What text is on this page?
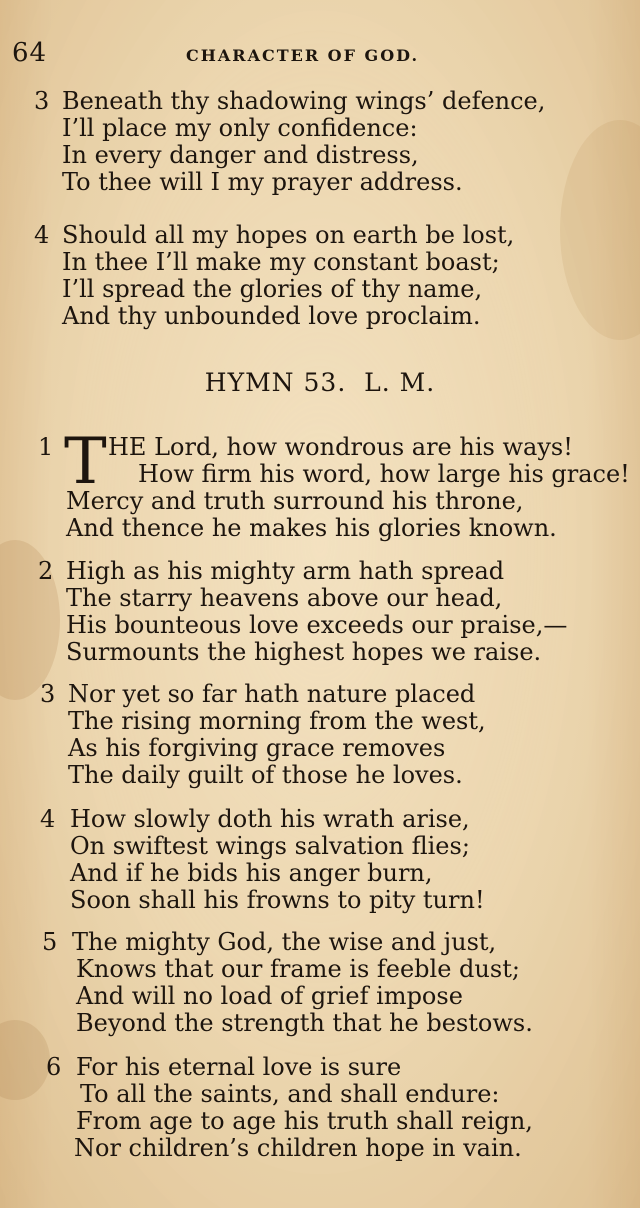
64	CHARACTER OF GOD.
3 Beneath thy shadowing wings’ defence,
I’ll place my only confidence:
In every danger and distress,
To thee will I my prayer address.
4 Should all my hopes on earth be lost,
In thee I’ll make my constant boast;
I’ll spread the glories of thy name,
And thy unbounded love proclaim.
HYMN 53. L. M.
1 T HE Lord, how wondrous are his ways!
How firm his word, how large his grace!
Mercy and truth surround his throne,
And thence he makes his glories known.
2 High as his mighty arm hath spread
The starry heavens above our head,
His bounteous love exceeds our praise,—
Surmounts the highest hopes we raise.
3 Nor yet so far hath nature placed
The rising morning from the west,
As his forgiving grace removes
The daily guilt of those he loves.
4 How slowly doth his wrath arise,
On swiftest wings salvation flies;
And if he bids his anger burn,
Soon shall his frowns to pity turn!
5 The mighty God, the wise and just,
Knows that our frame is feeble dust;
And will no load of grief impose
Beyond the strength that he bestows.
6 For his eternal love is sure
To all the saints, and shall endure:
From age to age his truth shall reign,
Nor children’s children hope in vain.
